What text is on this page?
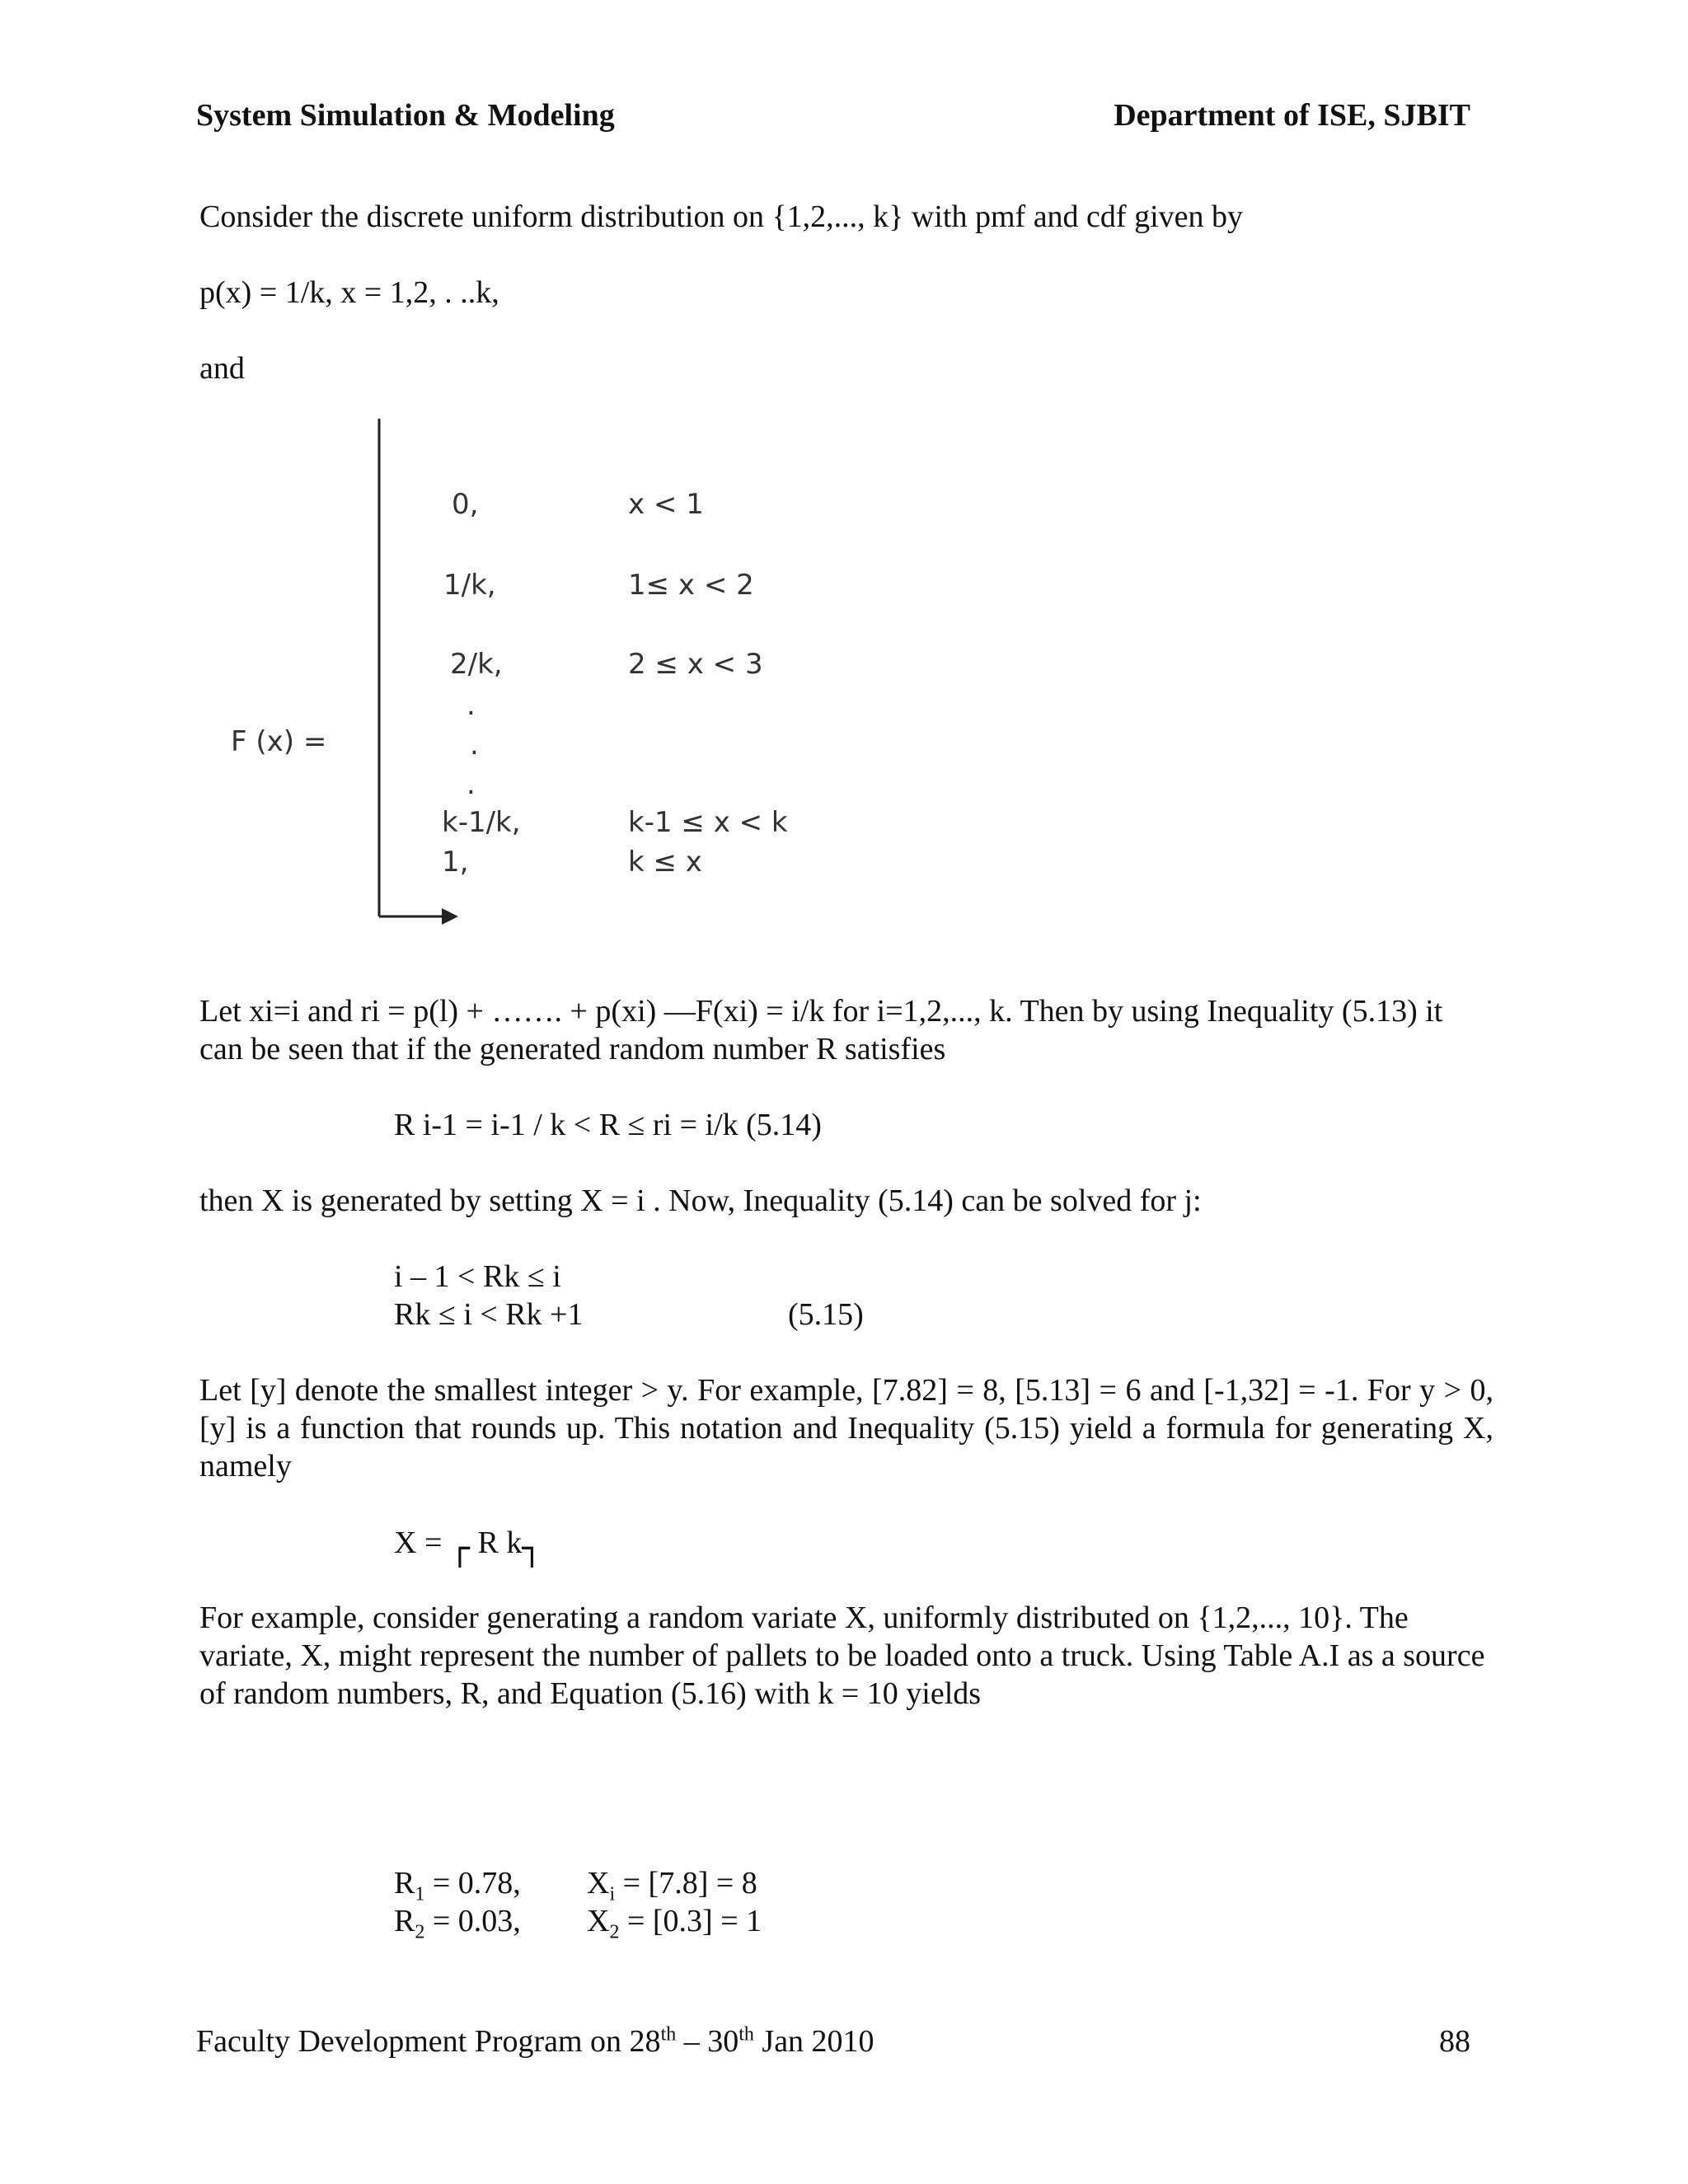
System Simulation & Modeling	Department of ISE, SJBIT
Consider the discrete uniform distribution on {1,2,..., k} with pmf and cdf given by
p(x) = 1/k, x = 1,2, . ..k,
and
F (x) =
0,	x < 1
1/k,	1≤ x < 2
2/k,	2 ≤ x < 3
.
.
.
k-1/k,	k-1 ≤ x < k
1,	k ≤ x
Let xi=i and ri = p(l) + ……. + p(xi) —F(xi) = i/k for i=1,2,..., k. Then by using Inequality (5.13) it can be seen that if the generated random number R satisfies
R i-1 = i-1 / k < R ≤ ri = i/k (5.14)
then X is generated by setting X = i . Now, Inequality (5.14) can be solved for j:
i – 1 < Rk ≤ i
Rk ≤ i < Rk +1	(5.15)
Let [y] denote the smallest integer > y. For example, [7.82] = 8, [5.13] = 6 and [-1,32] = -1. For y > 0, [y] is a function that rounds up. This notation and Inequality (5.15) yield a formula for generating X, namely
X = ┌ R k┐
For example, consider generating a random variate X, uniformly distributed on {1,2,..., 10}. The variate, X, might represent the number of pallets to be loaded onto a truck. Using Table A.I as a source of random numbers, R, and Equation (5.16) with k = 10 yields
$R_1 = 0.78$, $X_i = [7.8] = 8$
$R_2 = 0.03$, $X_2 = [0.3] = 1$
Faculty Development Program on 28th – 30th Jan 2010	88
